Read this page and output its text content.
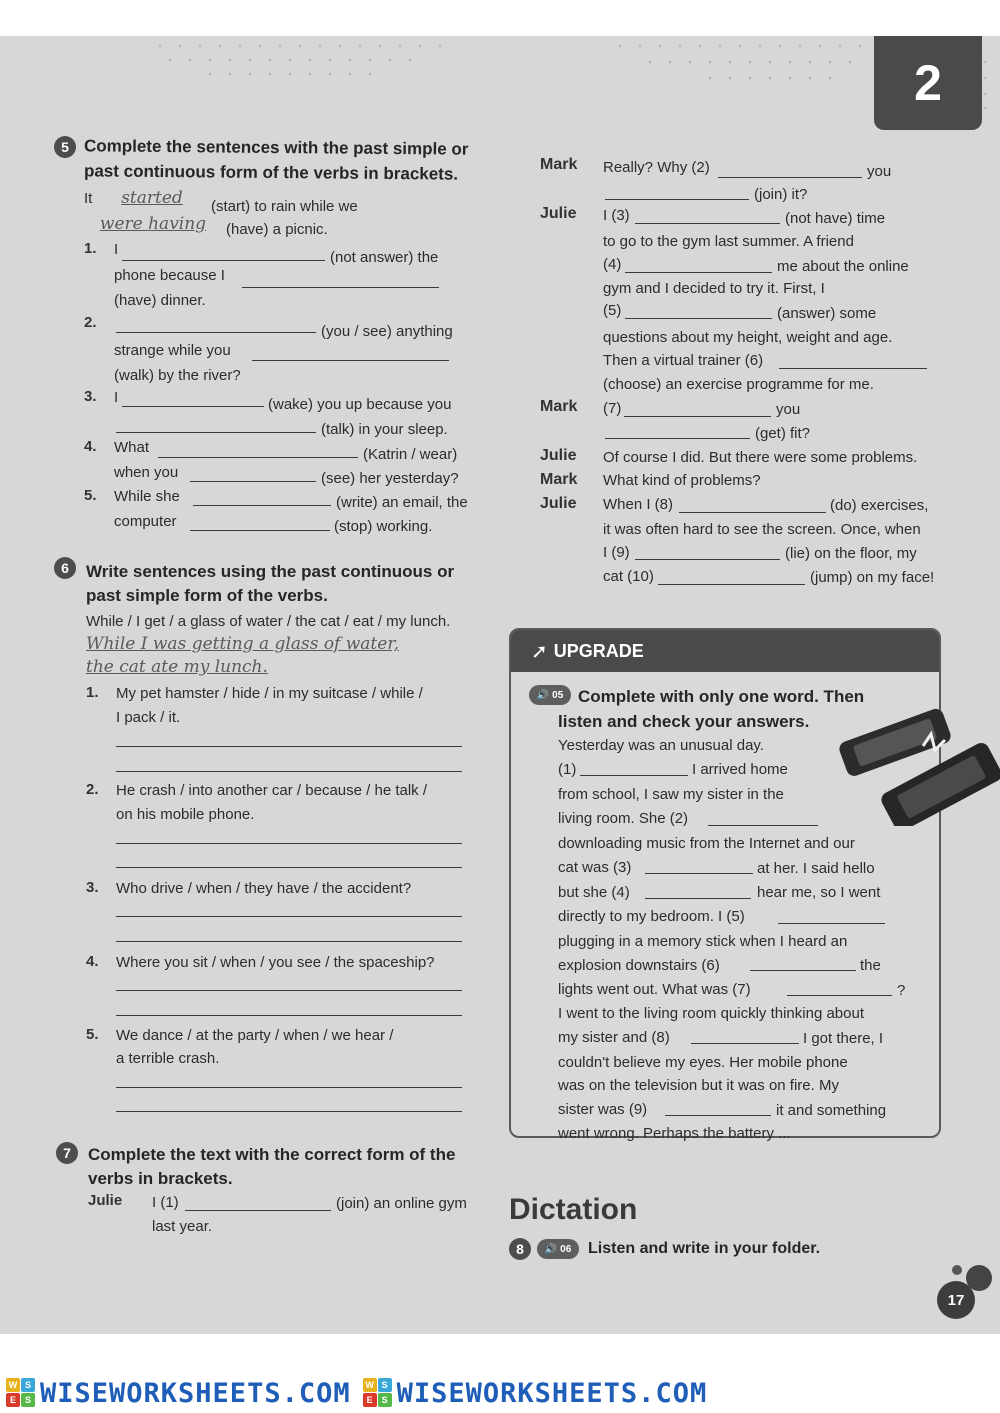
2
5 Complete the sentences with the past simple or
past continuous form of the verbs in brackets.
It	started	(start) to rain while we
were having	(have) a picnic.
1. I	(not answer) the
phone because I
(have) dinner.
2.
(you / see) anything
strange while you
(walk) by the river?
3. I	(wake) you up because you
(talk) in your sleep.
4. What	(Katrin / wear)
when you	(see) her yesterday?
5. While she	(write) an email, the
computer	(stop) working.
6	Write sentences using the past continuous or
past simple form of the verbs.
While / I get / a glass of water / the cat / eat / my lunch.
While I was getting a glass of water,
the cat ate my lunch.
1. My pet hamster / hide / in my suitcase / while /
I pack / it.
2. He crash / into another car / because / he talk /
on his mobile phone.
3. Who drive / when / they have / the accident?
4. Where you sit / when / you see / the spaceship?
5. We dance / at the party / when / we hear /
a terrible crash.
7	Complete the text with the correct form of the
verbs in brackets.
Julie I (1)	(join) an online gym
last year.
Mark Really? Why (2)	you
(join) it?
Julie I (3)	(not have) time
to go to the gym last summer. A friend
(4)	me about the online
gym and I decided to try it. First, I
(5)	(answer) some
questions about my height, weight and age.
Then a virtual trainer (6)
(choose) an exercise programme for me.
Mark (7)	you
(get) fit?
Julie Of course I did. But there were some problems.
Mark What kind of problems?
Julie When I (8)	(do) exercises,
it was often hard to see the screen. Once, when
I (9)	(lie) on the floor, my
cat (10)	(jump) on my face!
➚ UPGRADE
🔊 05 Complete with only one word. Then
listen and check your answers.
Yesterday was an unusual day.
(1)	I arrived home
from school, I saw my sister in the
living room. She (2)
downloading music from the Internet and our
cat was (3)	at her. I said hello
but she (4)	hear me, so I went
directly to my bedroom. I (5)
plugging in a memory stick when I heard an
explosion downstairs (6)	the
lights went out. What was (7)	?
I went to the living room quickly thinking about
my sister and (8)	I got there, I
couldn't believe my eyes. Her mobile phone
was on the television but it was on fire. My
sister was (9)	it and something
went wrong. Perhaps the battery ...
Dictation
8	🔊 06 Listen and write in your folder.
17
W S
E S WISEWORKSHEETS.COM	W S
E S WISEWORKSHEETS.COM
